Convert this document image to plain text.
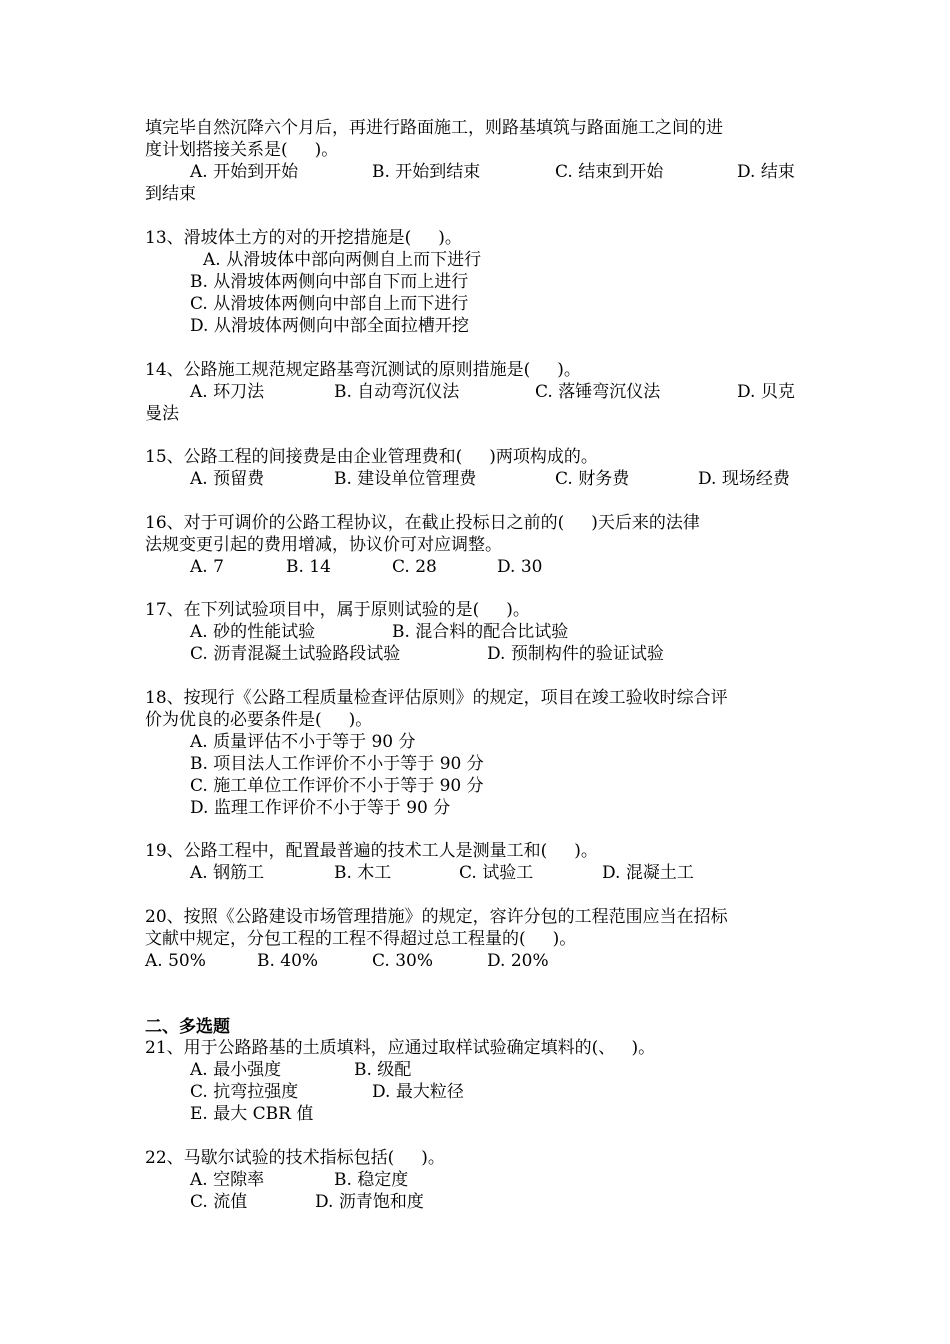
填完毕自然沉降六个月后，再进行路面施工，则路基填筑与路面施工之间的进
度计划搭接关系是(     )。
A. 开始到开始	B. 开始到结束	C. 结束到开始	D. 结束
到结束
13、滑坡体土方的对的开挖措施是(     )。
A. 从滑坡体中部向两侧自上而下进行
B. 从滑坡体两侧向中部自下而上进行
C. 从滑坡体两侧向中部自上而下进行
D. 从滑坡体两侧向中部全面拉槽开挖
14、公路施工规范规定路基弯沉测试的原则措施是(     )。
A. 环刀法	B. 自动弯沉仪法	C. 落锤弯沉仪法	D. 贝克
曼法
15、公路工程的间接费是由企业管理费和(     )两项构成的。
A. 预留费	B. 建设单位管理费	C. 财务费	D. 现场经费
16、对于可调价的公路工程协议，在截止投标日之前的(     )天后来的法律
法规变更引起的费用增减，协议价可对应调整。
A. 7	B. 14	C. 28	D. 30
17、在下列试验项目中，属于原则试验的是(     )。
A. 砂的性能试验	B. 混合料的配合比试验
C. 沥青混凝土试验路段试验	D. 预制构件的验证试验
18、按现行《公路工程质量检查评估原则》的规定，项目在竣工验收时综合评
价为优良的必要条件是(     )。
A. 质量评估不小于等于 90 分
B. 项目法人工作评价不小于等于 90 分
C. 施工单位工作评价不小于等于 90 分
D. 监理工作评价不小于等于 90 分
19、公路工程中，配置最普遍的技术工人是测量工和(     )。
A. 钢筋工	B. 木工	C. 试验工	D. 混凝土工
20、按照《公路建设市场管理措施》的规定，容许分包的工程范围应当在招标
文献中规定，分包工程的工程不得超过总工程量的(     )。
A. 50%	B. 40%	C. 30%	D. 20%
二、多选题
21、用于公路路基的土质填料，应通过取样试验确定填料的(、   )。
A. 最小强度	B. 级配
C. 抗弯拉强度	D. 最大粒径
E. 最大 CBR 值
22、马歇尔试验的技术指标包括(     )。
A. 空隙率	B. 稳定度
C. 流值	D. 沥青饱和度
